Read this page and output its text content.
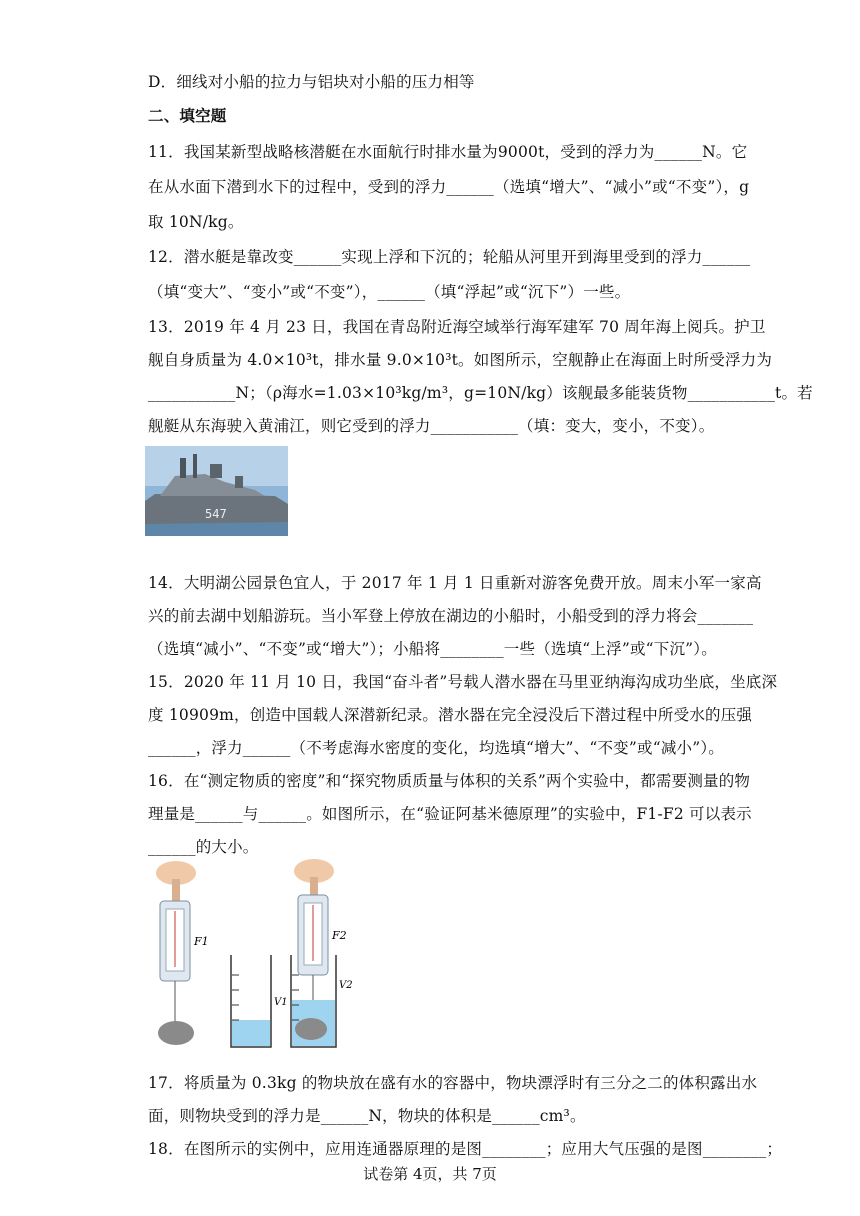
D．细线对小船的拉力与铝块对小船的压力相等
二、填空题
11．我国某新型战略核潜艇在水面航行时排水量为9000t，受到的浮力为______N。它
在从水面下潜到水下的过程中，受到的浮力______（选填“增大”、“减小”或“不变”），g
取 10N/kg。
12．潜水艇是靠改变______实现上浮和下沉的；轮船从河里开到海里受到的浮力______
（填“变大”、“变小”或“不变”），______（填“浮起”或“沉下”）一些。
13．2019 年 4 月 23 日，我国在青岛附近海空域举行海军建军 70 周年海上阅兵。护卫
舰自身质量为 4.0×10³t，排水量 9.0×10³t。如图所示，空舰静止在海面上时所受浮力为
___________N；（ρ海水=1.03×10³kg/m³，g=10N/kg）该舰最多能装货物___________t。若
舰艇从东海驶入黄浦江，则它受到的浮力___________（填：变大，变小，不变）。
547
14．大明湖公园景色宜人，于 2017 年 1 月 1 日重新对游客免费开放。周末小军一家高
兴的前去湖中划船游玩。当小军登上停放在湖边的小船时，小船受到的浮力将会_______
（选填“减小”、“不变”或“增大”）；小船将________一些（选填“上浮”或“下沉”）。
15．2020 年 11 月 10 日，我国“奋斗者”号载人潜水器在马里亚纳海沟成功坐底，坐底深
度 10909m，创造中国载人深潜新纪录。潜水器在完全浸没后下潜过程中所受水的压强
______，浮力______（不考虑海水密度的变化，均选填“增大”、“不变”或“减小”）。
16．在“测定物质的密度”和“探究物质质量与体积的关系”两个实验中，都需要测量的物
理量是______与______。如图所示，在“验证阿基米德原理”的实验中，F1-F2 可以表示
______的大小。
F1
V1
F2
V2
17．将质量为 0.3kg 的物块放在盛有水的容器中，物块漂浮时有三分之二的体积露出水
面，则物块受到的浮力是______N，物块的体积是______cm³。
18．在图所示的实例中，应用连通器原理的是图________；应用大气压强的是图________；
试卷第 4页，共 7页
